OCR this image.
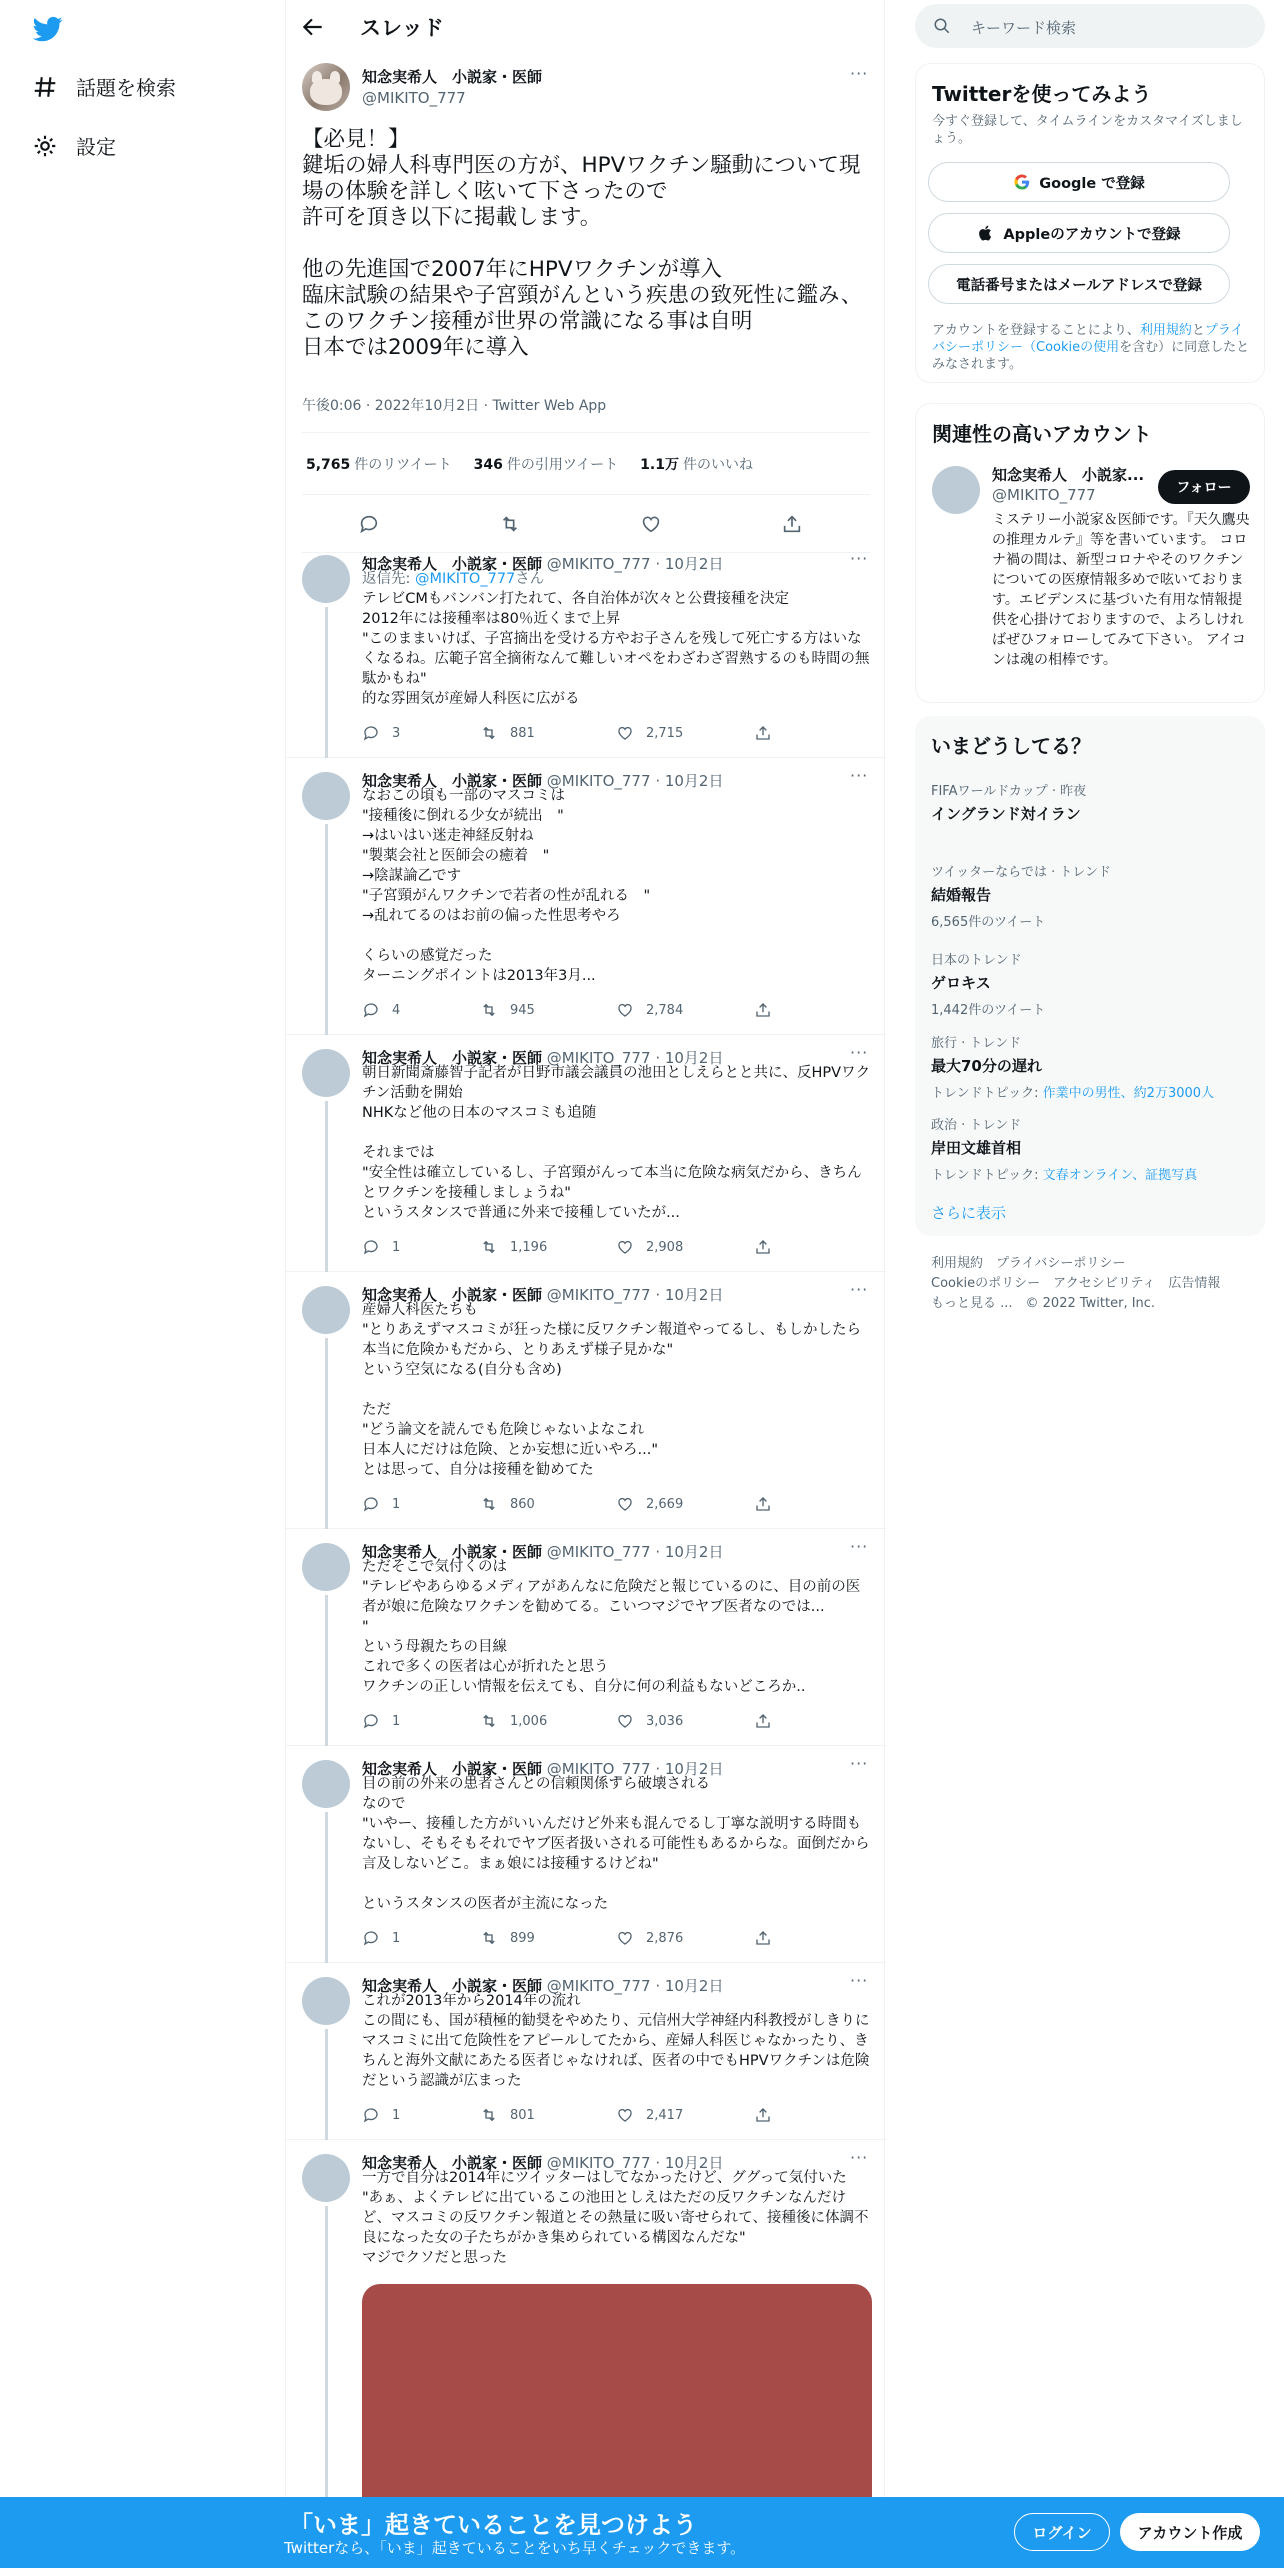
話題を検索
設定
スレッド
知念実希人　小説家・医師
@MIKITO_777
···
【必見！】
鍵垢の婦人科専門医の方が、HPVワクチン騒動について現場の体験を詳しく呟いて下さったので
許可を頂き以下に掲載します。

他の先進国で2007年にHPVワクチンが導入
臨床試験の結果や子宮頸がんという疾患の致死性に鑑み、このワクチン接種が世界の常識になる事は自明
日本では2009年に導入
午後0:06 · 2022年10月2日 · Twitter Web App
5,765 件のリツイート 346 件の引用ツイート 1.1万 件のいいね
知念実希人　小説家・医師 @MIKITO_777 · 10月2日	···
返信先: @MIKITO_777さん
テレビCMもバンバン打たれて、各自治体が次々と公費接種を決定
2012年には接種率は80％近くまで上昇
"このままいけば、子宮摘出を受ける方やお子さんを残して死亡する方はいなくなるね。広範子宮全摘術なんて難しいオペをわざわざ習熟するのも時間の無駄かもね"
的な雰囲気が産婦人科医に広がる
3	881	2,715
知念実希人　小説家・医師 @MIKITO_777 · 10月2日	···
なおこの頃も一部のマスコミは
"接種後に倒れる少女が続出　"
→はいはい迷走神経反射ね
"製薬会社と医師会の癒着　"
→陰謀論乙です
"子宮頸がんワクチンで若者の性が乱れる　"
→乱れてるのはお前の偏った性思考やろ

くらいの感覚だった
ターニングポイントは2013年3月...
4	945	2,784
知念実希人　小説家・医師 @MIKITO_777 · 10月2日	···
朝日新聞斎藤智子記者が日野市議会議員の池田としえらとと共に、反HPVワクチン活動を開始
NHKなど他の日本のマスコミも追随

それまでは
"安全性は確立しているし、子宮頸がんって本当に危険な病気だから、きちんとワクチンを接種しましょうね"
というスタンスで普通に外来で接種していたが...
1	1,196	2,908
知念実希人　小説家・医師 @MIKITO_777 · 10月2日	···
産婦人科医たちも
"とりあえずマスコミが狂った様に反ワクチン報道やってるし、もしかしたら本当に危険かもだから、とりあえず様子見かな"
という空気になる(自分も含め)

ただ
"どう論文を読んでも危険じゃないよなこれ
日本人にだけは危険、とか妄想に近いやろ..."
とは思って、自分は接種を勧めてた
1	860	2,669
知念実希人　小説家・医師 @MIKITO_777 · 10月2日	···
ただそこで気付くのは
"テレビやあらゆるメディアがあんなに危険だと報じているのに、目の前の医者が娘に危険なワクチンを勧めてる。こいつマジでヤブ医者なのでは...
"
という母親たちの目線
これで多くの医者は心が折れたと思う
ワクチンの正しい情報を伝えても、自分に何の利益もないどころか..
1	1,006	3,036
知念実希人　小説家・医師 @MIKITO_777 · 10月2日	···
目の前の外来の患者さんとの信頼関係すら破壊される
なので
"いやー、接種した方がいいんだけど外来も混んでるし丁寧な説明する時間もないし、そもそもそれでヤブ医者扱いされる可能性もあるからな。面倒だから言及しないどこ。まぁ娘には接種するけどね"

というスタンスの医者が主流になった
1	899	2,876
知念実希人　小説家・医師 @MIKITO_777 · 10月2日	···
これが2013年から2014年の流れ
この間にも、国が積極的勧奨をやめたり、元信州大学神経内科教授がしきりにマスコミに出て危険性をアピールしてたから、産婦人科医じゃなかったり、きちんと海外文献にあたる医者じゃなければ、医者の中でもHPVワクチンは危険だという認識が広まった
1	801	2,417
知念実希人　小説家・医師 @MIKITO_777 · 10月2日	···
一方で自分は2014年にツイッターはしてなかったけど、ググって気付いた
"あぁ、よくテレビに出ているこの池田としえはただの反ワクチンなんだけど、マスコミの反ワクチン報道とその熱量に吸い寄せられて、接種後に体調不良になった女の子たちがかき集められている構図なんだな"
マジでクソだと思った
キーワード検索
Twitterを使ってみよう
今すぐ登録して、タイムラインをカスタマイズしましょう。
Google で登録
Appleのアカウントで登録
電話番号またはメールアドレスで登録
アカウントを登録することにより、利用規約とプライバシーポリシー（Cookieの使用を含む）に同意したとみなされます。
関連性の高いアカウント
知念実希人　小説家...
@MIKITO_777	フォロー
ミステリー小説家＆医師です。『天久鷹央の推理カルテ』等を書いています。 コロナ禍の間は、新型コロナやそのワクチンについての医療情報多めで呟いております。エビデンスに基づいた有用な情報提供を心掛けておりますので、よろしければぜひフォローしてみて下さい。 アイコンは魂の相棒です。
いまどうしてる？
FIFAワールドカップ · 昨夜
イングランド対イラン
ツイッターならでは · トレンド
結婚報告
6,565件のツイート
日本のトレンド
ゲロキス
1,442件のツイート
旅行 · トレンド
最大70分の遅れ
トレンドトピック: 作業中の男性、約2万3000人
政治 · トレンド
岸田文雄首相
トレンドトピック: 文春オンライン、証拠写真
さらに表示
利用規約　プライバシーポリシー
Cookieのポリシー　アクセシビリティ　広告情報
もっと見る ...　© 2022 Twitter, Inc.
「いま」起きていることを見つけよう
Twitterなら、「いま」起きていることをいち早くチェックできます。
ログイン	アカウント作成
